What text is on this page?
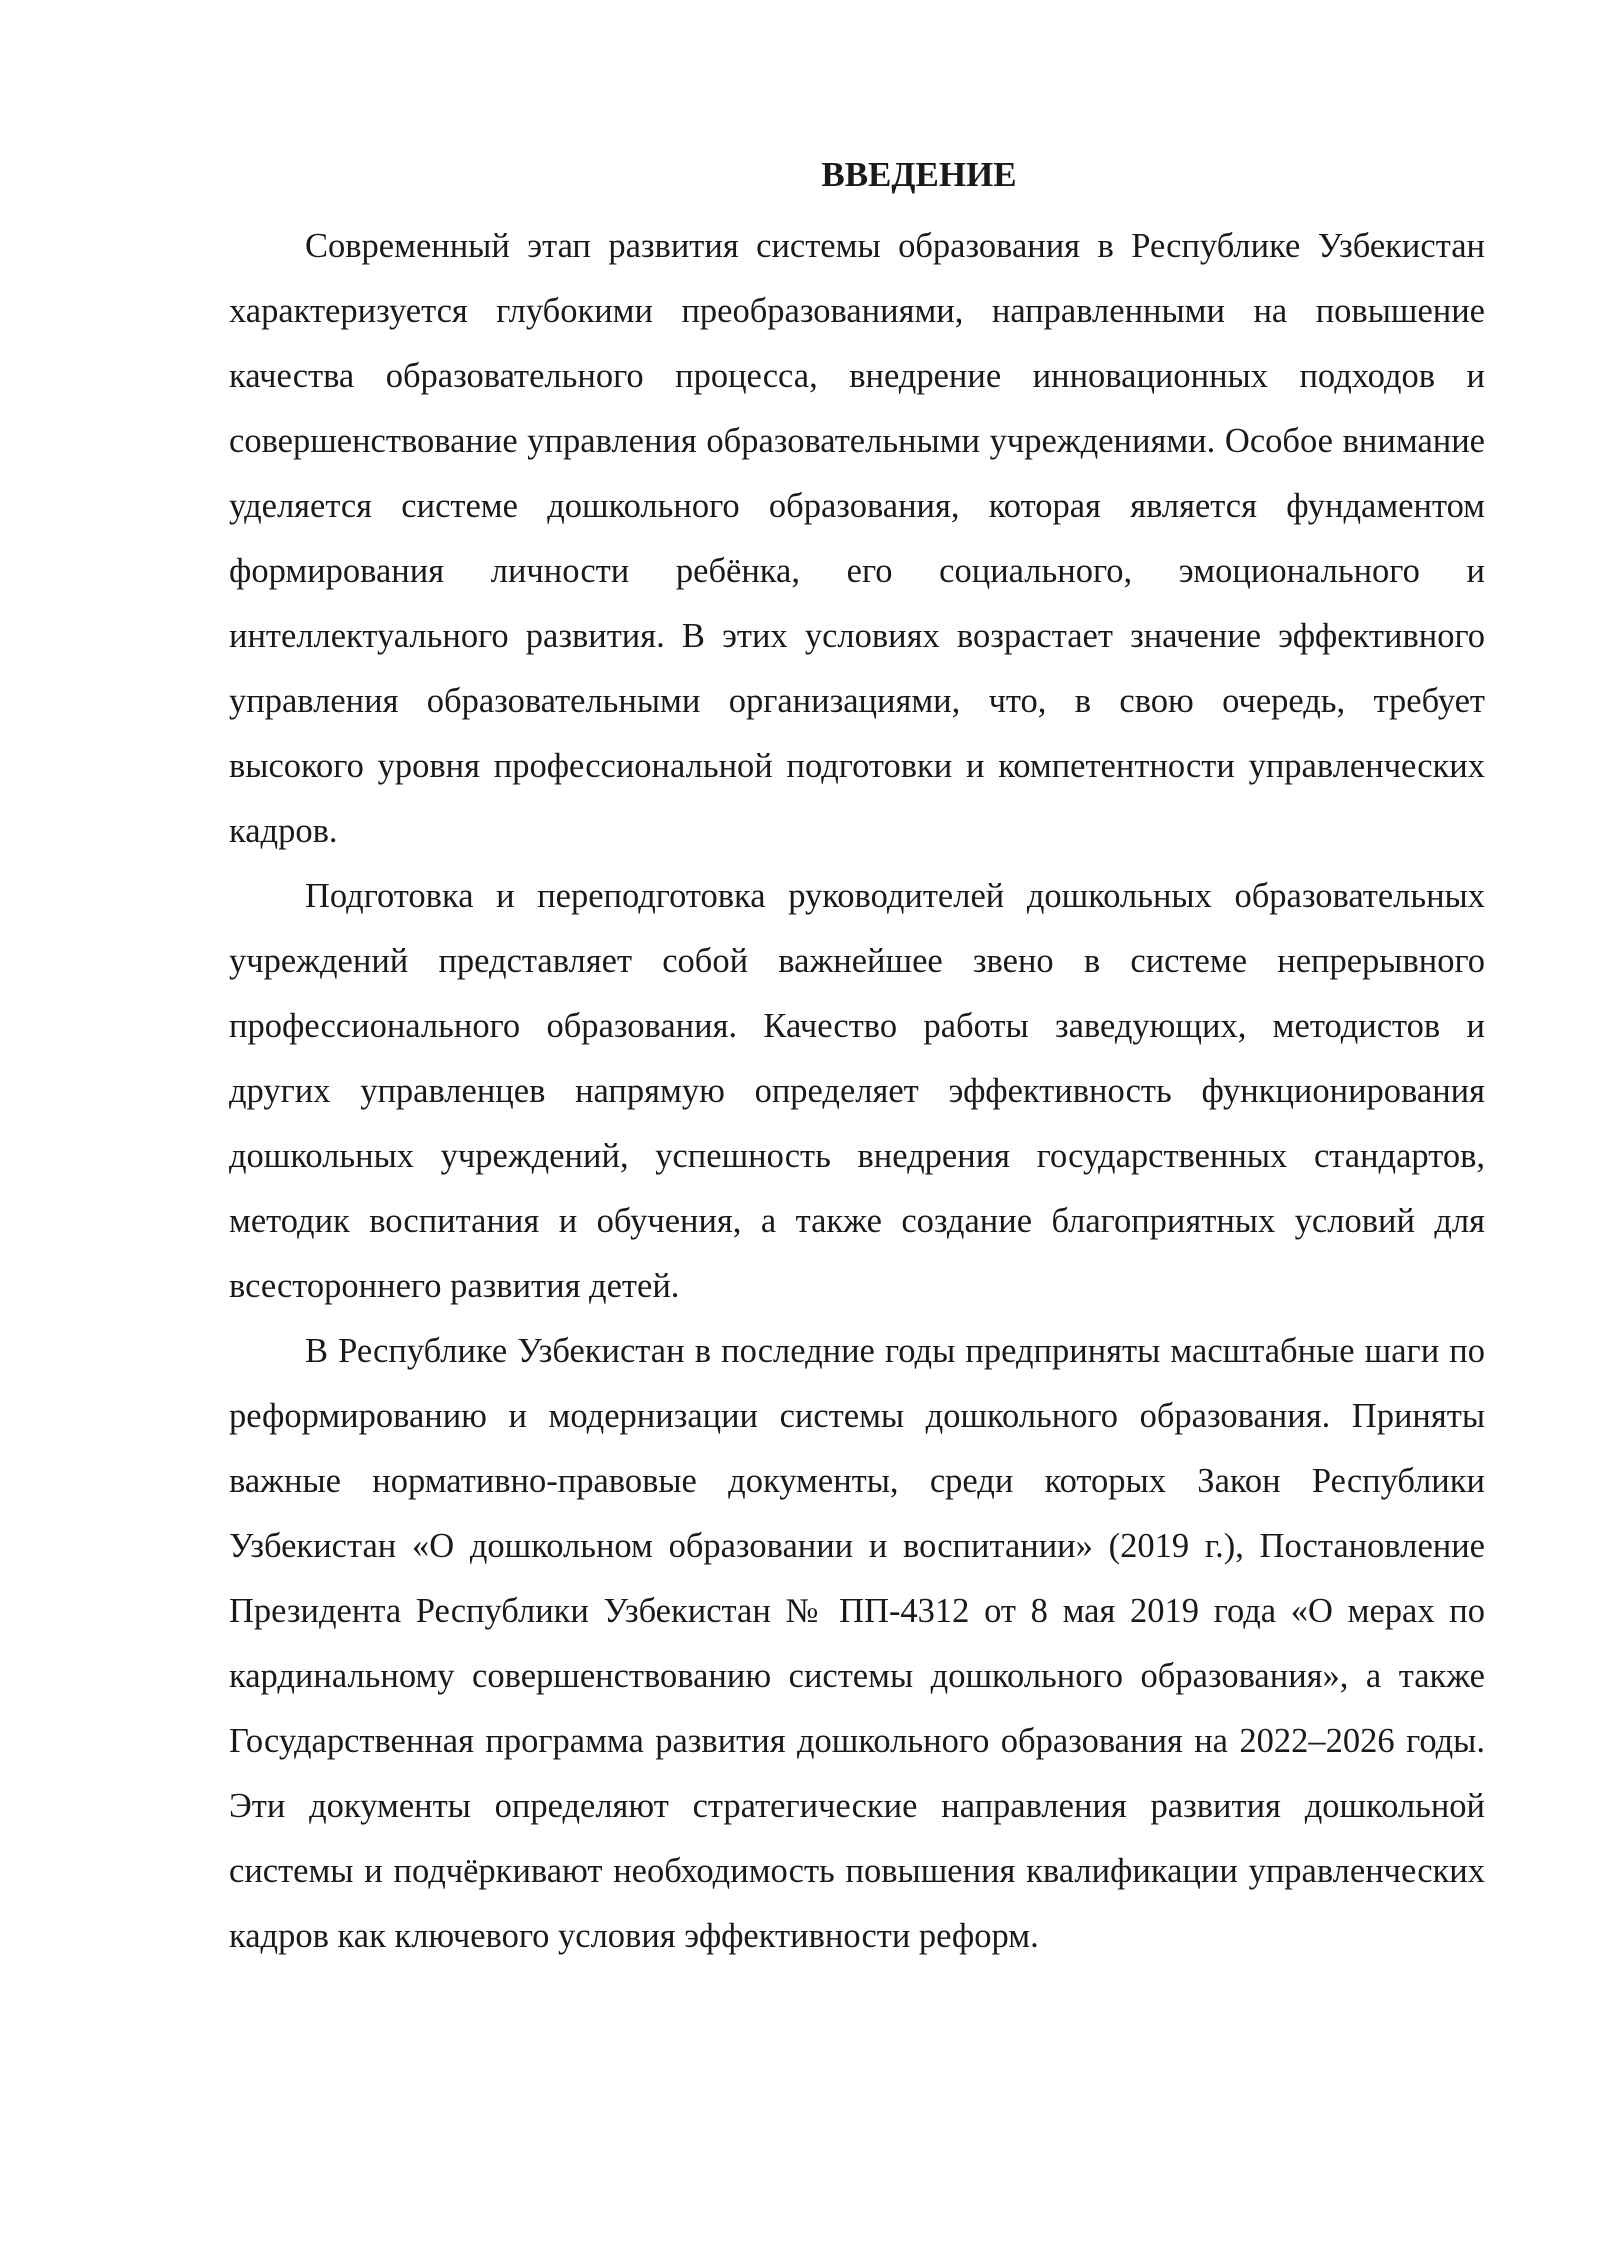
ВВЕДЕНИЕ

Современный этап развития системы образования в Республике Узбекистан характеризуется глубокими преобразованиями, направленными на повышение качества образовательного процесса, внедрение инновационных подходов и совершенствование управления образовательными учреждениями. Особое внимание уделяется системе дошкольного образования, которая является фундаментом формирования личности ребёнка, его социального, эмоционального и интеллектуального развития. В этих условиях возрастает значение эффективного управления образовательными организациями, что, в свою очередь, требует высокого уровня профессиональной подготовки и компетентности управленческих кадров.

Подготовка и переподготовка руководителей дошкольных образовательных учреждений представляет собой важнейшее звено в системе непрерывного профессионального образования. Качество работы заведующих, методистов и других управленцев напрямую определяет эффективность функционирования дошкольных учреждений, успешность внедрения государственных стандартов, методик воспитания и обучения, а также создание благоприятных условий для всестороннего развития детей.

В Республике Узбекистан в последние годы предприняты масштабные шаги по реформированию и модернизации системы дошкольного образования. Приняты важные нормативно-правовые документы, среди которых Закон Республики Узбекистан «О дошкольном образовании и воспитании» (2019 г.), Постановление Президента Республики Узбекистан № ПП-4312 от 8 мая 2019 года «О мерах по кардинальному совершенствованию системы дошкольного образования», а также Государственная программа развития дошкольного образования на 2022–2026 годы. Эти документы определяют стратегические направления развития дошкольной системы и подчёркивают необходимость повышения квалификации управленческих кадров как ключевого условия эффективности реформ.
